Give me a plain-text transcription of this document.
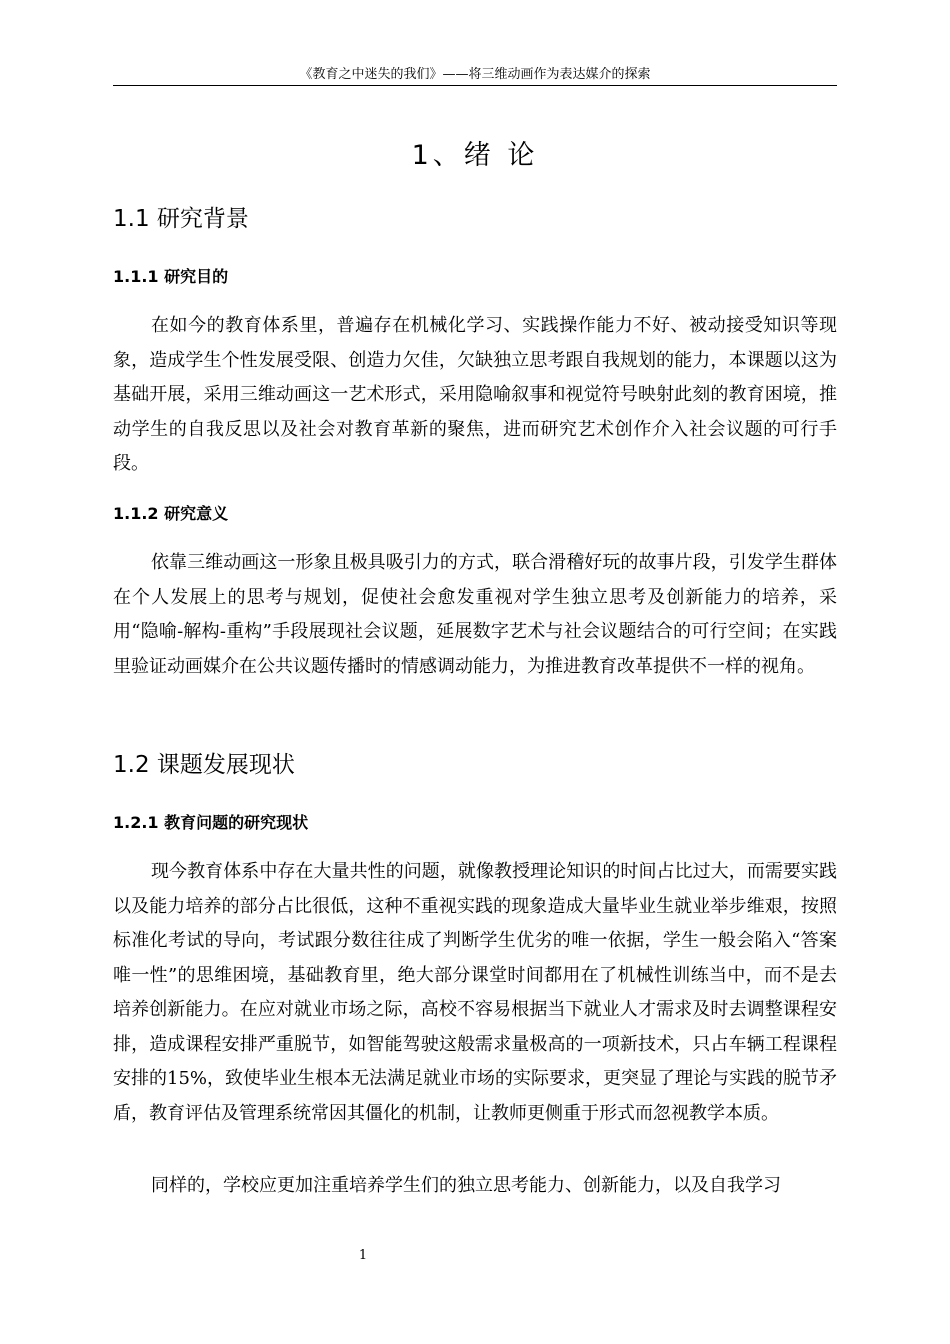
《教育之中迷失的我们》——将三维动画作为表达媒介的探索
1、绪 论
1.1 研究背景
1.1.1 研究目的

在如今的教育体系里，普遍存在机械化学习、实践操作能力不好、被动接受知识等现象，造成学生个性发展受限、创造力欠佳，欠缺独立思考跟自我规划的能力，本课题以这为基础开展，采用三维动画这一艺术形式，采用隐喻叙事和视觉符号映射此刻的教育困境，推动学生的自我反思以及社会对教育革新的聚焦，进而研究艺术创作介入社会议题的可行手段。

1.1.2 研究意义

依靠三维动画这一形象且极具吸引力的方式，联合滑稽好玩的故事片段，引发学生群体在个人发展上的思考与规划，促使社会愈发重视对学生独立思考及创新能力的培养，采用“隐喻-解构-重构”手段展现社会议题，延展数字艺术与社会议题结合的可行空间；在实践里验证动画媒介在公共议题传播时的情感调动能力，为推进教育改革提供不一样的视角。

1.2 课题发展现状
1.2.1 教育问题的研究现状

现今教育体系中存在大量共性的问题，就像教授理论知识的时间占比过大，而需要实践以及能力培养的部分占比很低，这种不重视实践的现象造成大量毕业生就业举步维艰，按照标准化考试的导向，考试跟分数往往成了判断学生优劣的唯一依据，学生一般会陷入“答案唯一性”的思维困境，基础教育里，绝大部分课堂时间都用在了机械性训练当中，而不是去培养创新能力。在应对就业市场之际，高校不容易根据当下就业人才需求及时去调整课程安排，造成课程安排严重脱节，如智能驾驶这般需求量极高的一项新技术，只占车辆工程课程安排的15%，致使毕业生根本无法满足就业市场的实际要求，更突显了理论与实践的脱节矛盾，教育评估及管理系统常因其僵化的机制，让教师更侧重于形式而忽视教学本质。

同样的，学校应更加注重培养学生们的独立思考能力、创新能力，以及自我学习

1
